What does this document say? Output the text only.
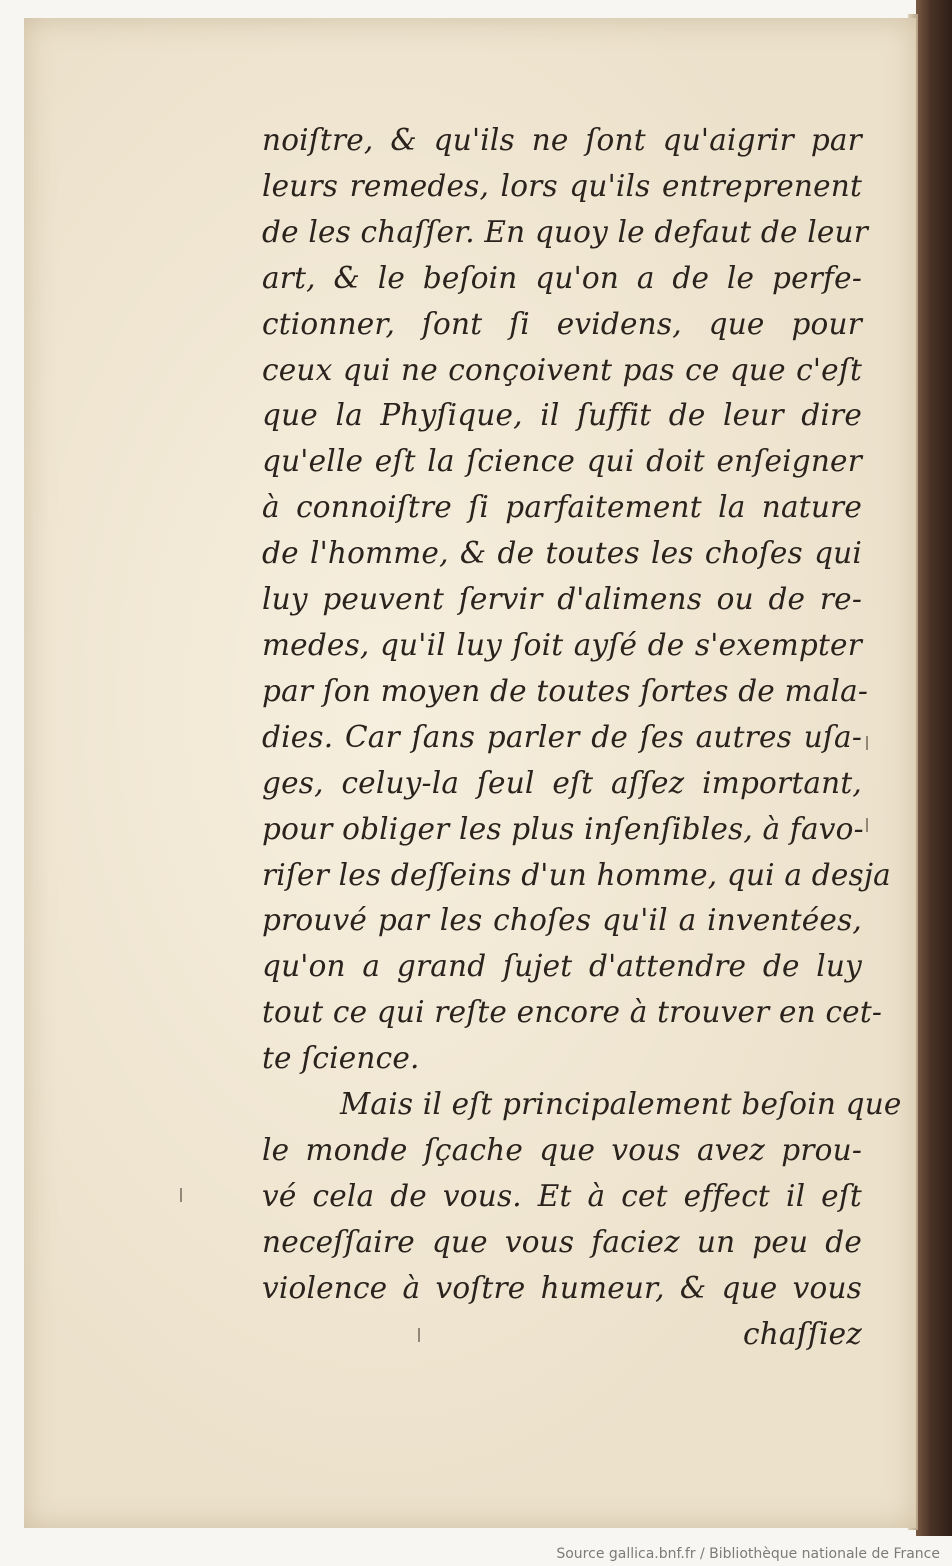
noiſtre, & qu'ils ne ſont qu'aigrir par
leurs remedes, lors qu'ils entreprenent
de les chaſſer. En quoy le defaut de leur
art, & le beſoin qu'on a de le perfe-
ctionner, ſont ſi evidens, que pour
ceux qui ne conçoivent pas ce que c'eſt
que la Phyſique, il ſuffit de leur dire
qu'elle eſt la ſcience qui doit enſeigner
à connoiſtre ſi parfaitement la nature
de l'homme, & de toutes les choſes qui
luy peuvent ſervir d'alimens ou de re-
medes, qu'il luy ſoit ayſé de s'exempter
par ſon moyen de toutes ſortes de mala-
dies. Car ſans parler de ſes autres uſa-
ges, celuy-la ſeul eſt aſſez important,
pour obliger les plus inſenſibles, à favo-
riſer les deſſeins d'un homme, qui a desja
prouvé par les choſes qu'il a inventées,
qu'on a grand ſujet d'attendre de luy
tout ce qui reſte encore à trouver en cet-
te ſcience.
Mais il eſt principalement beſoin que
le monde ſçache que vous avez prou-
vé cela de vous. Et à cet effect il eſt
neceſſaire que vous faciez un peu de
violence à voſtre humeur, & que vous
chaſſiez
Source gallica.bnf.fr / Bibliothèque nationale de France
